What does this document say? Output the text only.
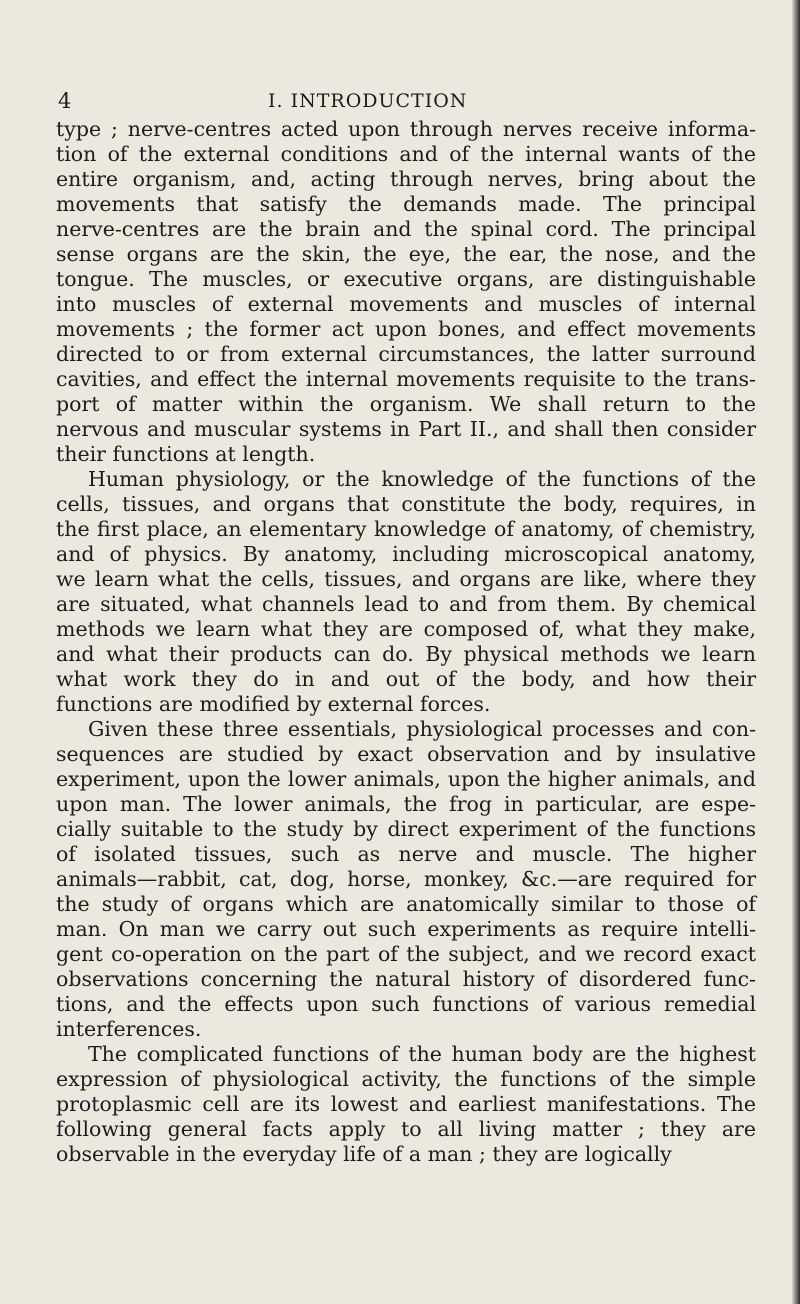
4	I. INTRODUCTION
type ; nerve-centres acted upon through nerves receive informa-
tion of the external conditions and of the internal wants of the
entire organism, and, acting through nerves, bring about the
movements that satisfy the demands made. The principal
nerve-centres are the brain and the spinal cord. The principal
sense organs are the skin, the eye, the ear, the nose, and the
tongue. The muscles, or executive organs, are distinguishable
into muscles of external movements and muscles of internal
movements ; the former act upon bones, and effect movements
directed to or from external circumstances, the latter surround
cavities, and effect the internal movements requisite to the trans-
port of matter within the organism. We shall return to the
nervous and muscular systems in Part II., and shall then consider
their functions at length.
Human physiology, or the knowledge of the functions of the
cells, tissues, and organs that constitute the body, requires, in
the first place, an elementary knowledge of anatomy, of chemistry,
and of physics. By anatomy, including microscopical anatomy,
we learn what the cells, tissues, and organs are like, where they
are situated, what channels lead to and from them. By chemical
methods we learn what they are composed of, what they make,
and what their products can do. By physical methods we learn
what work they do in and out of the body, and how their
functions are modified by external forces.
Given these three essentials, physiological processes and con-
sequences are studied by exact observation and by insulative
experiment, upon the lower animals, upon the higher animals, and
upon man. The lower animals, the frog in particular, are espe-
cially suitable to the study by direct experiment of the functions
of isolated tissues, such as nerve and muscle. The higher
animals—rabbit, cat, dog, horse, monkey, &c.—are required for
the study of organs which are anatomically similar to those of
man. On man we carry out such experiments as require intelli-
gent co-operation on the part of the subject, and we record exact
observations concerning the natural history of disordered func-
tions, and the effects upon such functions of various remedial
interferences.
The complicated functions of the human body are the highest
expression of physiological activity, the functions of the simple
protoplasmic cell are its lowest and earliest manifestations. The
following general facts apply to all living matter ; they are
observable in the everyday life of a man ; they are logically
